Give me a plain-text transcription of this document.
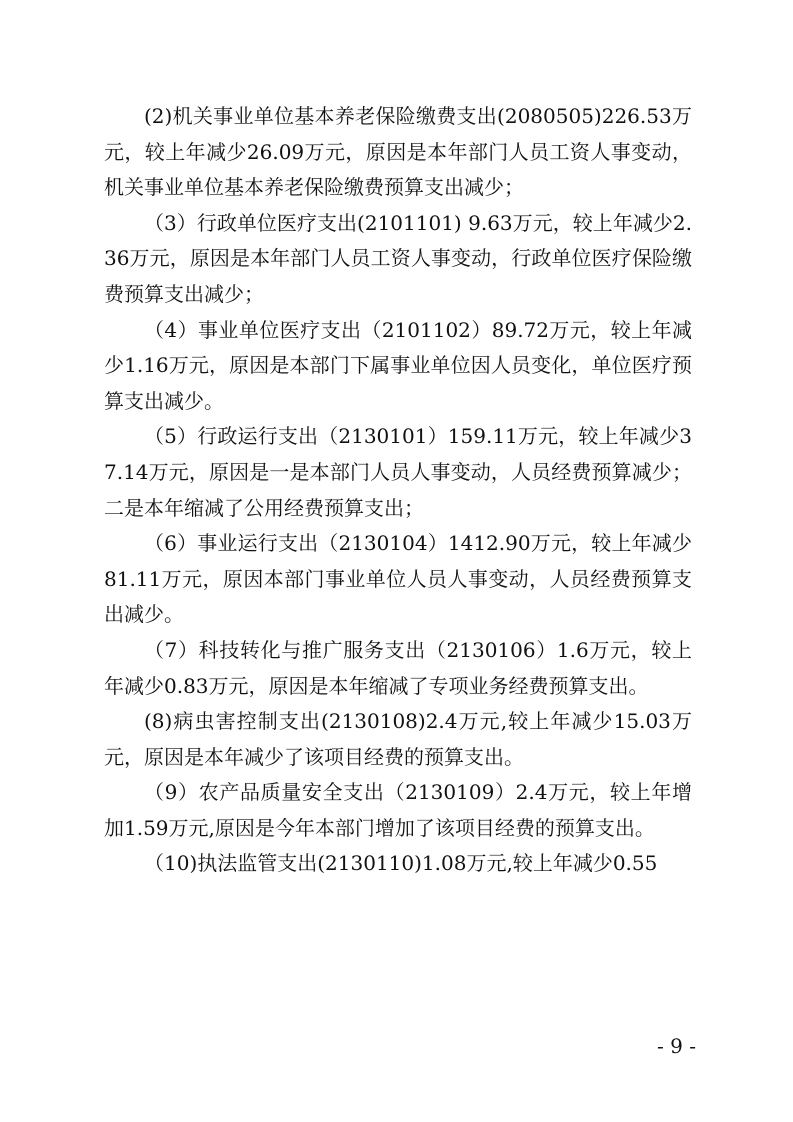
(2)机关事业单位基本养老保险缴费支出(2080505)226.53万元，较上年减少26.09万元，原因是本年部门人员工资人事变动，机关事业单位基本养老保险缴费预算支出减少；

（3）行政单位医疗支出(2101101) 9.63万元，较上年减少2.36万元，原因是本年部门人员工资人事变动，行政单位医疗保险缴费预算支出减少；

（4）事业单位医疗支出（2101102）89.72万元，较上年减少1.16万元，原因是本部门下属事业单位因人员变化，单位医疗预算支出减少。

（5）行政运行支出（2130101）159.11万元，较上年减少37.14万元，原因是一是本部门人员人事变动，人员经费预算减少；二是本年缩减了公用经费预算支出；

（6）事业运行支出（2130104）1412.90万元，较上年减少81.11万元，原因本部门事业单位人员人事变动，人员经费预算支出减少。

（7）科技转化与推广服务支出（2130106）1.6万元，较上年减少0.83万元，原因是本年缩减了专项业务经费预算支出。

(8)病虫害控制支出(2130108)2.4万元,较上年减少15.03万元，原因是本年减少了该项目经费的预算支出。

（9）农产品质量安全支出（2130109）2.4万元，较上年增加1.59万元,原因是今年本部门增加了该项目经费的预算支出。

（10)执法监管支出(2130110)1.08万元,较上年减少0.55

- 9 -
